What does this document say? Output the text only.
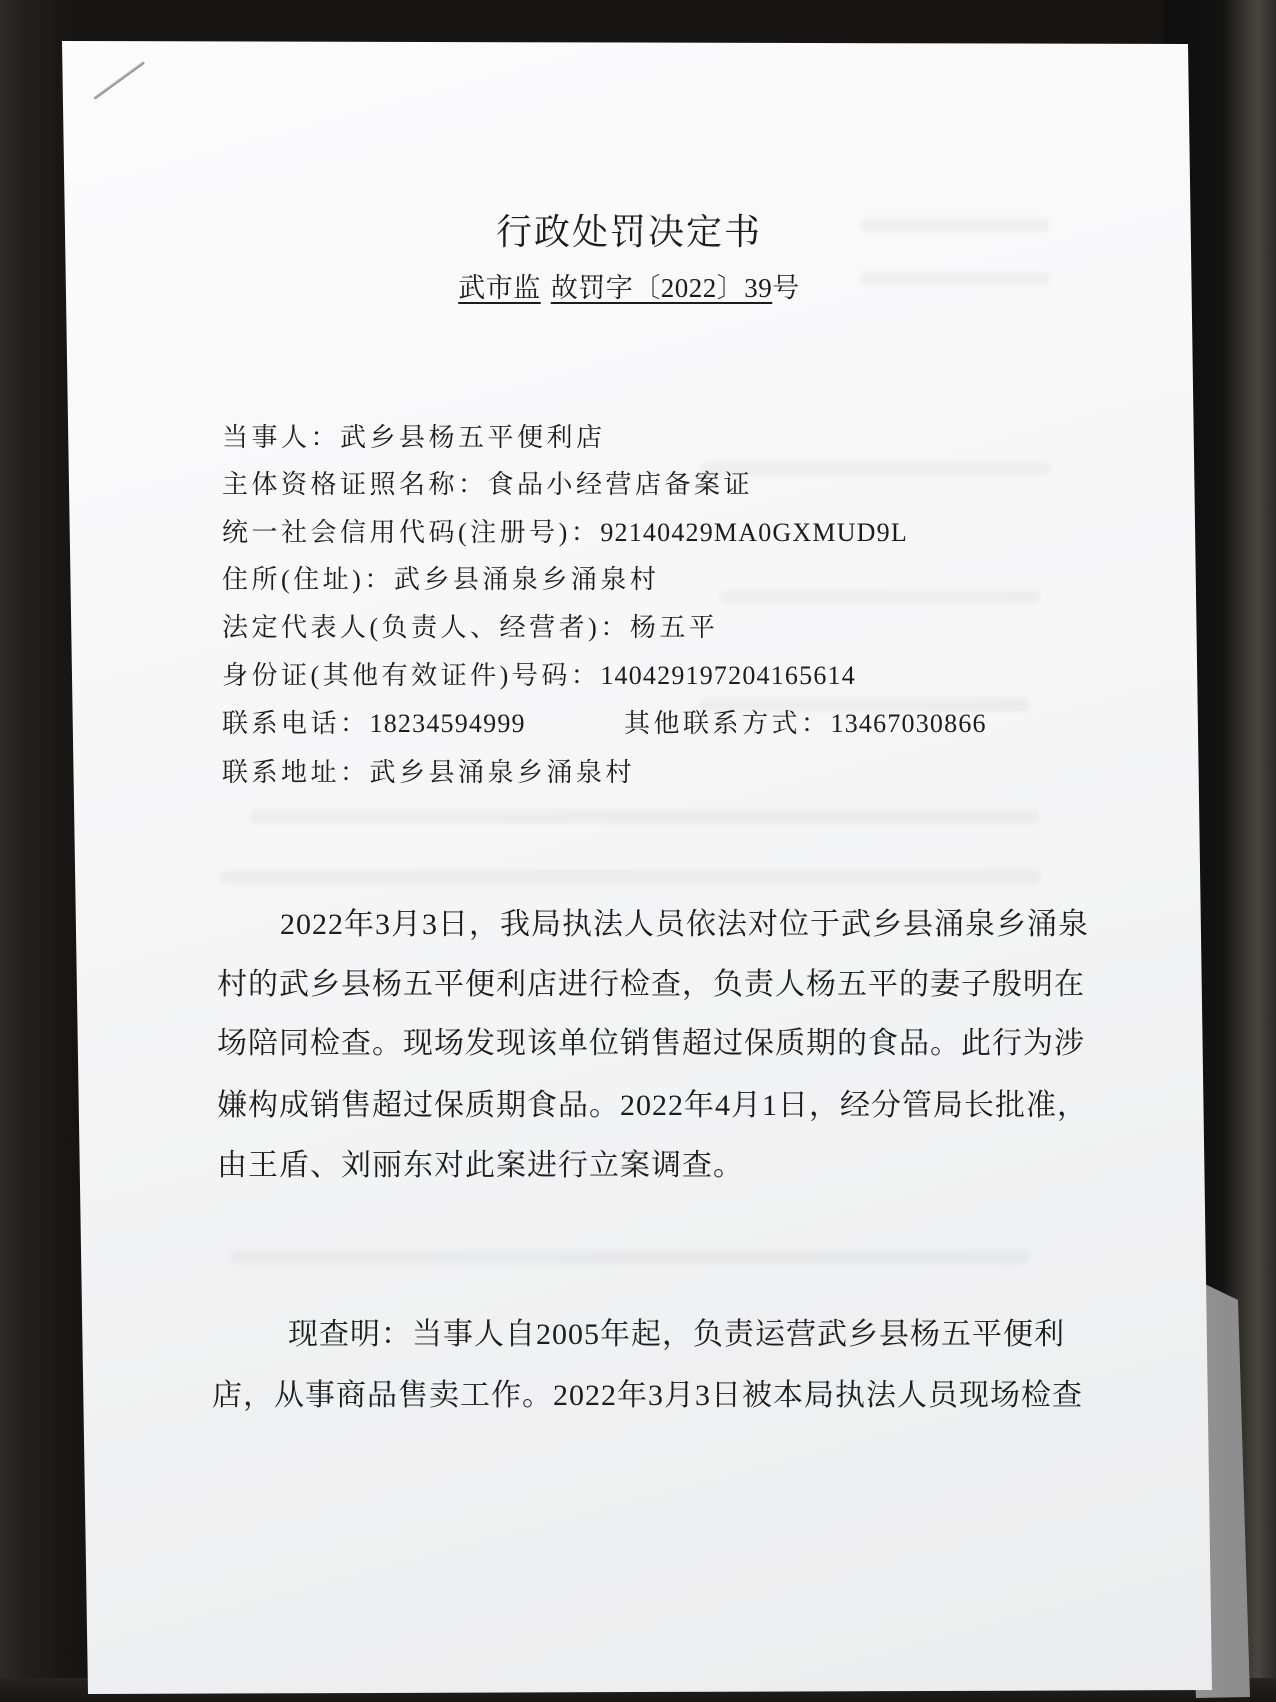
行政处罚决定书
武市监 故罚字〔2022〕39号
当事人：武乡县杨五平便利店
主体资格证照名称：食品小经营店备案证
统一社会信用代码(注册号)：92140429MA0GXMUD9L
住所(住址)：武乡县涌泉乡涌泉村
法定代表人(负责人、经营者)：杨五平
身份证(其他有效证件)号码：140429197204165614
联系电话：18234594999	其他联系方式：13467030866
联系地址：武乡县涌泉乡涌泉村
2022年3月3日，我局执法人员依法对位于武乡县涌泉乡涌泉
村的武乡县杨五平便利店进行检查，负责人杨五平的妻子殷明在
场陪同检查。现场发现该单位销售超过保质期的食品。此行为涉
嫌构成销售超过保质期食品。2022年4月1日，经分管局长批准，
由王盾、刘丽东对此案进行立案调查。
现查明：当事人自2005年起，负责运营武乡县杨五平便利
店，从事商品售卖工作。2022年3月3日被本局执法人员现场检查
